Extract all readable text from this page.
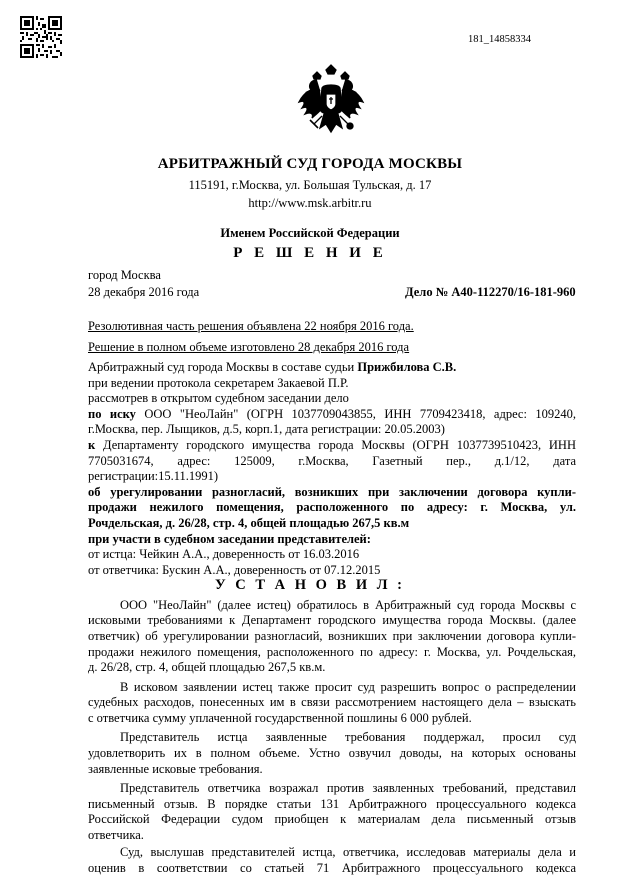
181_14858334
АРБИТРАЖНЫЙ СУД ГОРОДА МОСКВЫ
115191, г.Москва, ул. Большая Тульская, д. 17
http://www.msk.arbitr.ru
Именем Российской Федерации
Р Е Ш Е Н И Е
город Москва
28 декабря 2016 года	Дело № А40-112270/16-181-960
Резолютивная часть решения объявлена 22 ноября 2016 года.
Решение в полном объеме изготовлено 28 декабря 2016 года
Арбитражный суд города Москвы в составе судьи Прижбилова С.В.
при ведении протокола секретарем Закаевой П.Р.
рассмотрев в открытом судебном заседании дело
по иску ООО "НеоЛайн" (ОГРН 1037709043855, ИНН 7709423418, адрес: 109240,
г.Москва, пер. Лыщиков, д.5, корп.1, дата регистрации: 20.05.2003)
к Департаменту городского имущества города Москвы (ОГРН 1037739510423, ИНН
7705031674, адрес: 125009, г.Москва, Газетный пер., д.1/12, дата
регистрации:15.11.1991)
об урегулировании разногласий, возникших при заключении договора купли-
продажи нежилого помещения, расположенного по адресу: г. Москва, ул.
Рочдельская, д. 26/28, стр. 4, общей площадью 267,5 кв.м
при участи в судебном заседании представителей:
от истца: Чейкин А.А., доверенность от 16.03.2016
от ответчика: Бускин А.А., доверенность от 07.12.2015
У С Т А Н О В И Л :
ООО "НеоЛайн" (далее истец) обратилось в Арбитражный суд города Москвы с
исковыми требованиями к Департамент городского имущества города Москвы. (далее
ответчик) об урегулировании разногласий, возникших при заключении договора купли-
продажи нежилого помещения, расположенного по адресу: г. Москва, ул. Рочдельская,
д. 26/28, стр. 4, общей площадью 267,5 кв.м.
В исковом заявлении истец также просит суд разрешить вопрос о распределении
судебных расходов, понесенных им в связи рассмотрением настоящего дела – взыскать
с ответчика сумму уплаченной государственной пошлины 6 000 рублей.
Представитель истца заявленные требования поддержал, просил суд
удовлетворить их в полном объеме. Устно озвучил доводы, на которых основаны
заявленные исковые требования.
Представитель ответчика возражал против заявленных требований, представил
письменный отзыв. В порядке статьи 131 Арбитражного процессуального кодекса
Российской Федерации судом приобщен к материалам дела письменный отзыв
ответчика.
Суд, выслушав представителей истца, ответчика, исследовав материалы дела и
оценив в соответствии со статьей 71 Арбитражного процессуального кодекса
